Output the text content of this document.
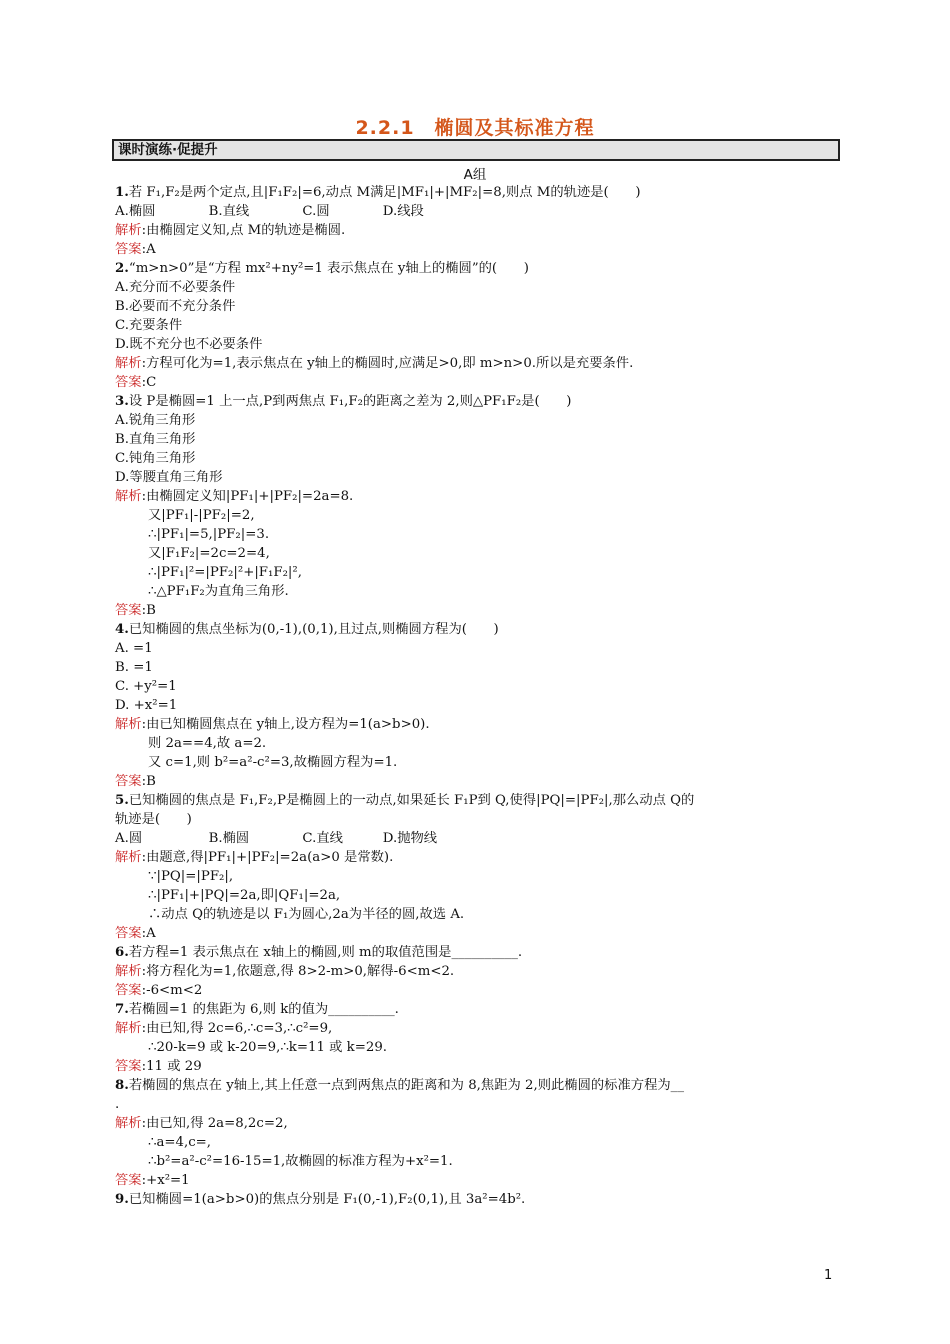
2.2.1　椭圆及其标准方程
课时演练·促提升
A组
1.若 F₁,F₂是两个定点,且|F₁F₂|=6,动点 M满足|MF₁|+|MF₂|=8,则点 M的轨迹是(　　)
A.椭圆　　　　B.直线　　　　C.圆　　　　D.线段
解析:由椭圆定义知,点 M的轨迹是椭圆.
答案:A
2.“m>n>0”是“方程 mx²+ny²=1 表示焦点在 y轴上的椭圆”的(　　)
A.充分而不必要条件
B.必要而不充分条件
C.充要条件
D.既不充分也不必要条件
解析:方程可化为=1,表示焦点在 y轴上的椭圆时,应满足>0,即 m>n>0.所以是充要条件.
答案:C
3.设 P是椭圆=1 上一点,P到两焦点 F₁,F₂的距离之差为 2,则△PF₁F₂是(　　)
A.锐角三角形
B.直角三角形
C.钝角三角形
D.等腰直角三角形
解析:由椭圆定义知|PF₁|+|PF₂|=2a=8.
又|PF₁|-|PF₂|=2,
∴|PF₁|=5,|PF₂|=3.
又|F₁F₂|=2c=2=4,
∴|PF₁|²=|PF₂|²+|F₁F₂|²,
∴△PF₁F₂为直角三角形.
答案:B
4.已知椭圆的焦点坐标为(0,-1),(0,1),且过点,则椭圆方程为(　　)
A. =1
B. =1
C. +y²=1
D. +x²=1
解析:由已知椭圆焦点在 y轴上,设方程为=1(a>b>0).
则 2a==4,故 a=2.
又 c=1,则 b²=a²-c²=3,故椭圆方程为=1.
答案:B
5.已知椭圆的焦点是 F₁,F₂,P是椭圆上的一动点,如果延长 F₁P到 Q,使得|PQ|=|PF₂|,那么动点 Q的
轨迹是(　　)
A.圆　　　　　B.椭圆　　　　C.直线　　　D.抛物线
解析:由题意,得|PF₁|+|PF₂|=2a(a>0 是常数).
∵|PQ|=|PF₂|,
∴|PF₁|+|PQ|=2a,即|QF₁|=2a,
∴动点 Q的轨迹是以 F₁为圆心,2a为半径的圆,故选 A.
答案:A
6.若方程=1 表示焦点在 x轴上的椭圆,则 m的取值范围是__________.
解析:将方程化为=1,依题意,得 8>2-m>0,解得-6<m<2.
答案:-6<m<2
7.若椭圆=1 的焦距为 6,则 k的值为__________.
解析:由已知,得 2c=6,∴c=3,∴c²=9,
∴20-k=9 或 k-20=9,∴k=11 或 k=29.
答案:11 或 29
8.若椭圆的焦点在 y轴上,其上任意一点到两焦点的距离和为 8,焦距为 2,则此椭圆的标准方程为__
.
解析:由已知,得 2a=8,2c=2,
∴a=4,c=,
∴b²=a²-c²=16-15=1,故椭圆的标准方程为+x²=1.
答案:+x²=1
9.已知椭圆=1(a>b>0)的焦点分别是 F₁(0,-1),F₂(0,1),且 3a²=4b².
1
